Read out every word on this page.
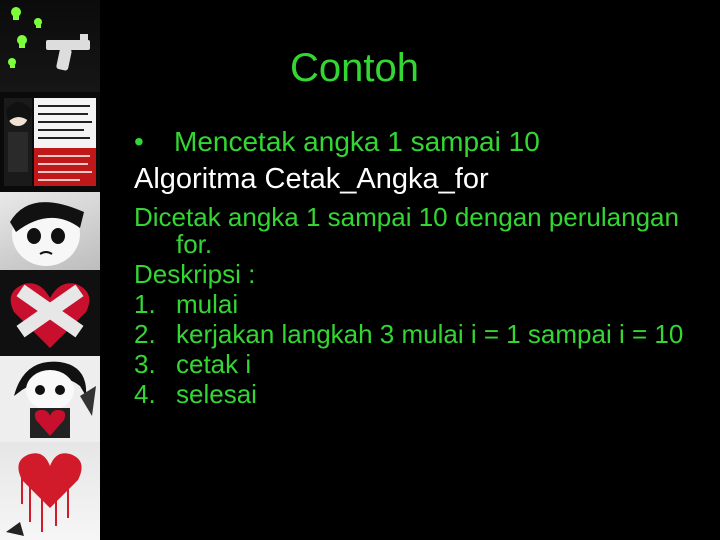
Contoh
• Mencetak angka 1 sampai 10
Algoritma Cetak_Angka_for
Dicetak angka 1 sampai 10 dengan perulangan for.
Deskripsi :
1. mulai
2. kerjakan langkah 3 mulai i = 1 sampai i = 10
3. cetak i
4. selesai
